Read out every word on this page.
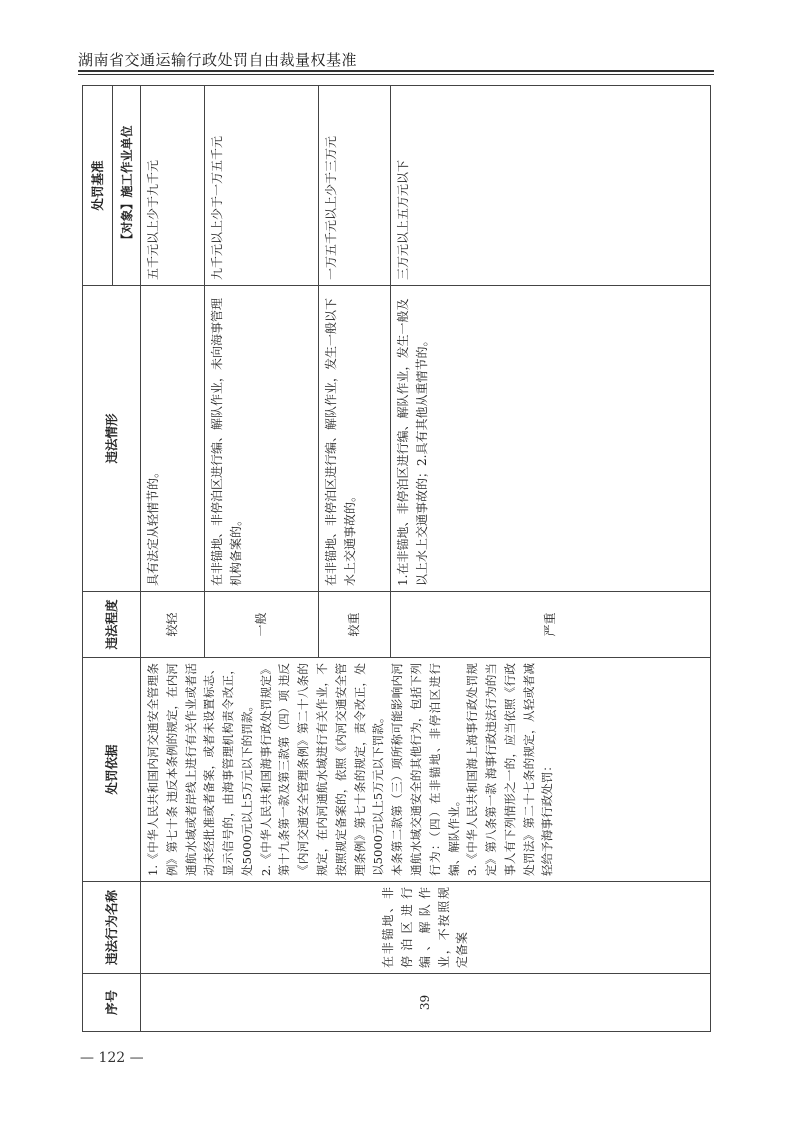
湖南省交通运输行政处罚自由裁量权基准
序号	违法行为名称	处罚依据	违法程度	违法情形	处罚基准
					【对象】施工作业单位
39	在非锚地、非停泊区进行编、解队作业，不按照规定备案	1.《中华人民共和国内河交通安全管理条例》第七十条 违反本条例的规定，在内河通航水域或者岸线上进行有关作业或者活动未经批准或者备案，或者未设置标志、显示信号的，由海事管理机构责令改正，处5000元以上5万元以下的罚款。 2.《中华人民共和国海事行政处罚规定》第十九条第一款及第三款第（四）项 违反《内河交通安全管理条例》第二十八条的规定，在内河通航水域进行有关作业，不按照规定备案的，依照《内河交通安全管理条例》第七十条的规定，责令改正，处以5000元以上5万元以下罚款。 本条第二款第（三）项所称可能影响内河通航水域交通安全的其他行为，包括下列行为：（四）在非锚地、非停泊区进行编、解队作业。 3.《中华人民共和国海上海事行政处罚规定》第八条第一款 海事行政违法行为的当事人有下列情形之一的，应当依照《行政处罚法》第二十七条的规定，从轻或者减轻给予海事行政处罚：	较轻	具有法定从轻情节的。	五千元以上少于九千元
			一般	在非锚地、非停泊区进行编、解队作业，未向海事管理机构备案的。	九千元以上少于一万五千元
			较重	在非锚地、非停泊区进行编、解队作业，发生一般以下水上交通事故的。	一万五千元以上少于三万元
			严重	1.在非锚地、非停泊区进行编、解队作业，发生一般及以上水上交通事故的；2.具有其他从重情节的。	三万元以上五万元以下
— 122 —
